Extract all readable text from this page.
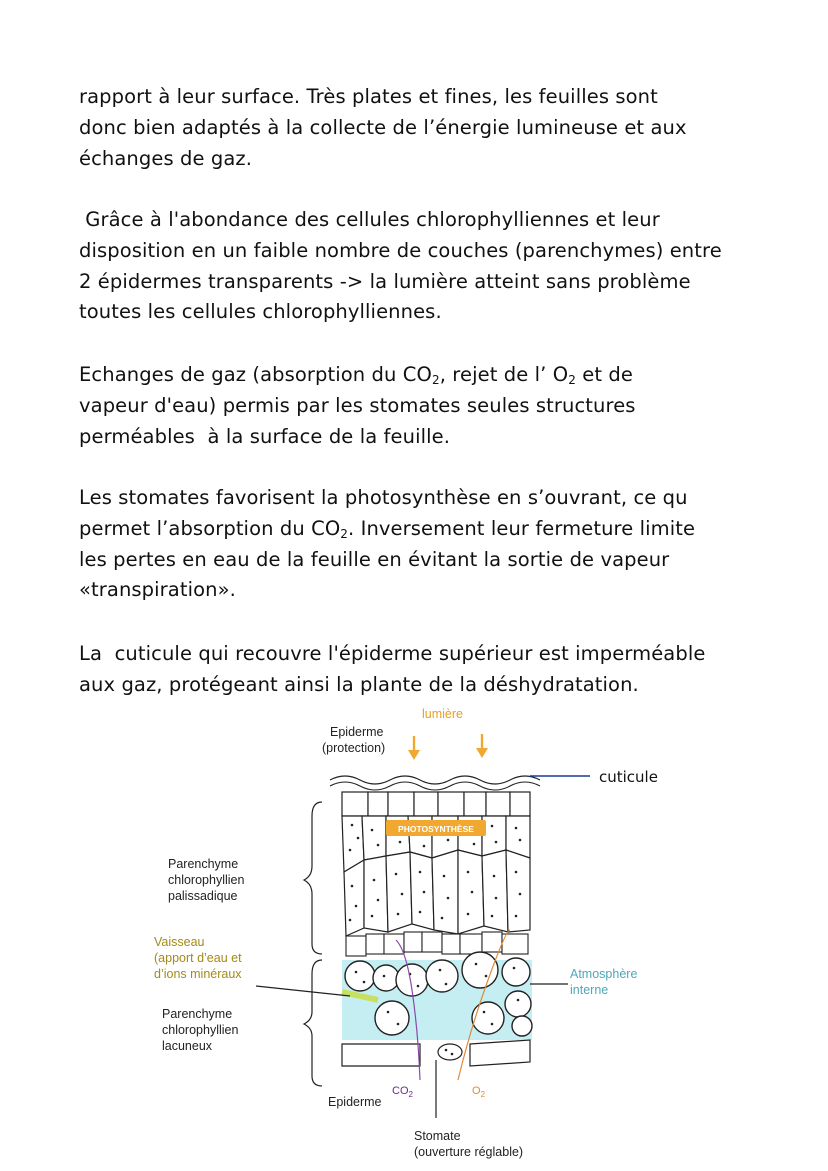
rapport à leur surface. Très plates et fines, les feuilles sont
donc bien adaptés à la collecte de l’énergie lumineuse et aux
échanges de gaz.
Grâce à l'abondance des cellules chlorophylliennes et leur
disposition en un faible nombre de couches (parenchymes) entre
2 épidermes transparents -> la lumière atteint sans problème
toutes les cellules chlorophylliennes.
Echanges de gaz (absorption du $CO_2$, rejet de l’ $O_2$ et de
vapeur d'eau) permis par les stomates seules structures
perméables  à la surface de la feuille.
Les stomates favorisent la photosynthèse en s’ouvrant, ce qu
permet l’absorption du $CO_2$. Inversement leur fermeture limite
les pertes en eau de la feuille en évitant la sortie de vapeur
«transpiration».
La  cuticule qui recouvre l'épiderme supérieur est imperméable
aux gaz, protégeant ainsi la plante de la déshydratation.
PHOTOSYNTHÈSE
lumière
Epiderme
(protection)
cuticule
Parenchyme
chlorophyllien
palissadique
Vaisseau
(apport d’eau et
d’ions minéraux
Parenchyme
chlorophyllien
lacuneux
Atmosphère
interne
$CO_2$	$O_2$
Epiderme
Stomate
(ouverture réglable)
